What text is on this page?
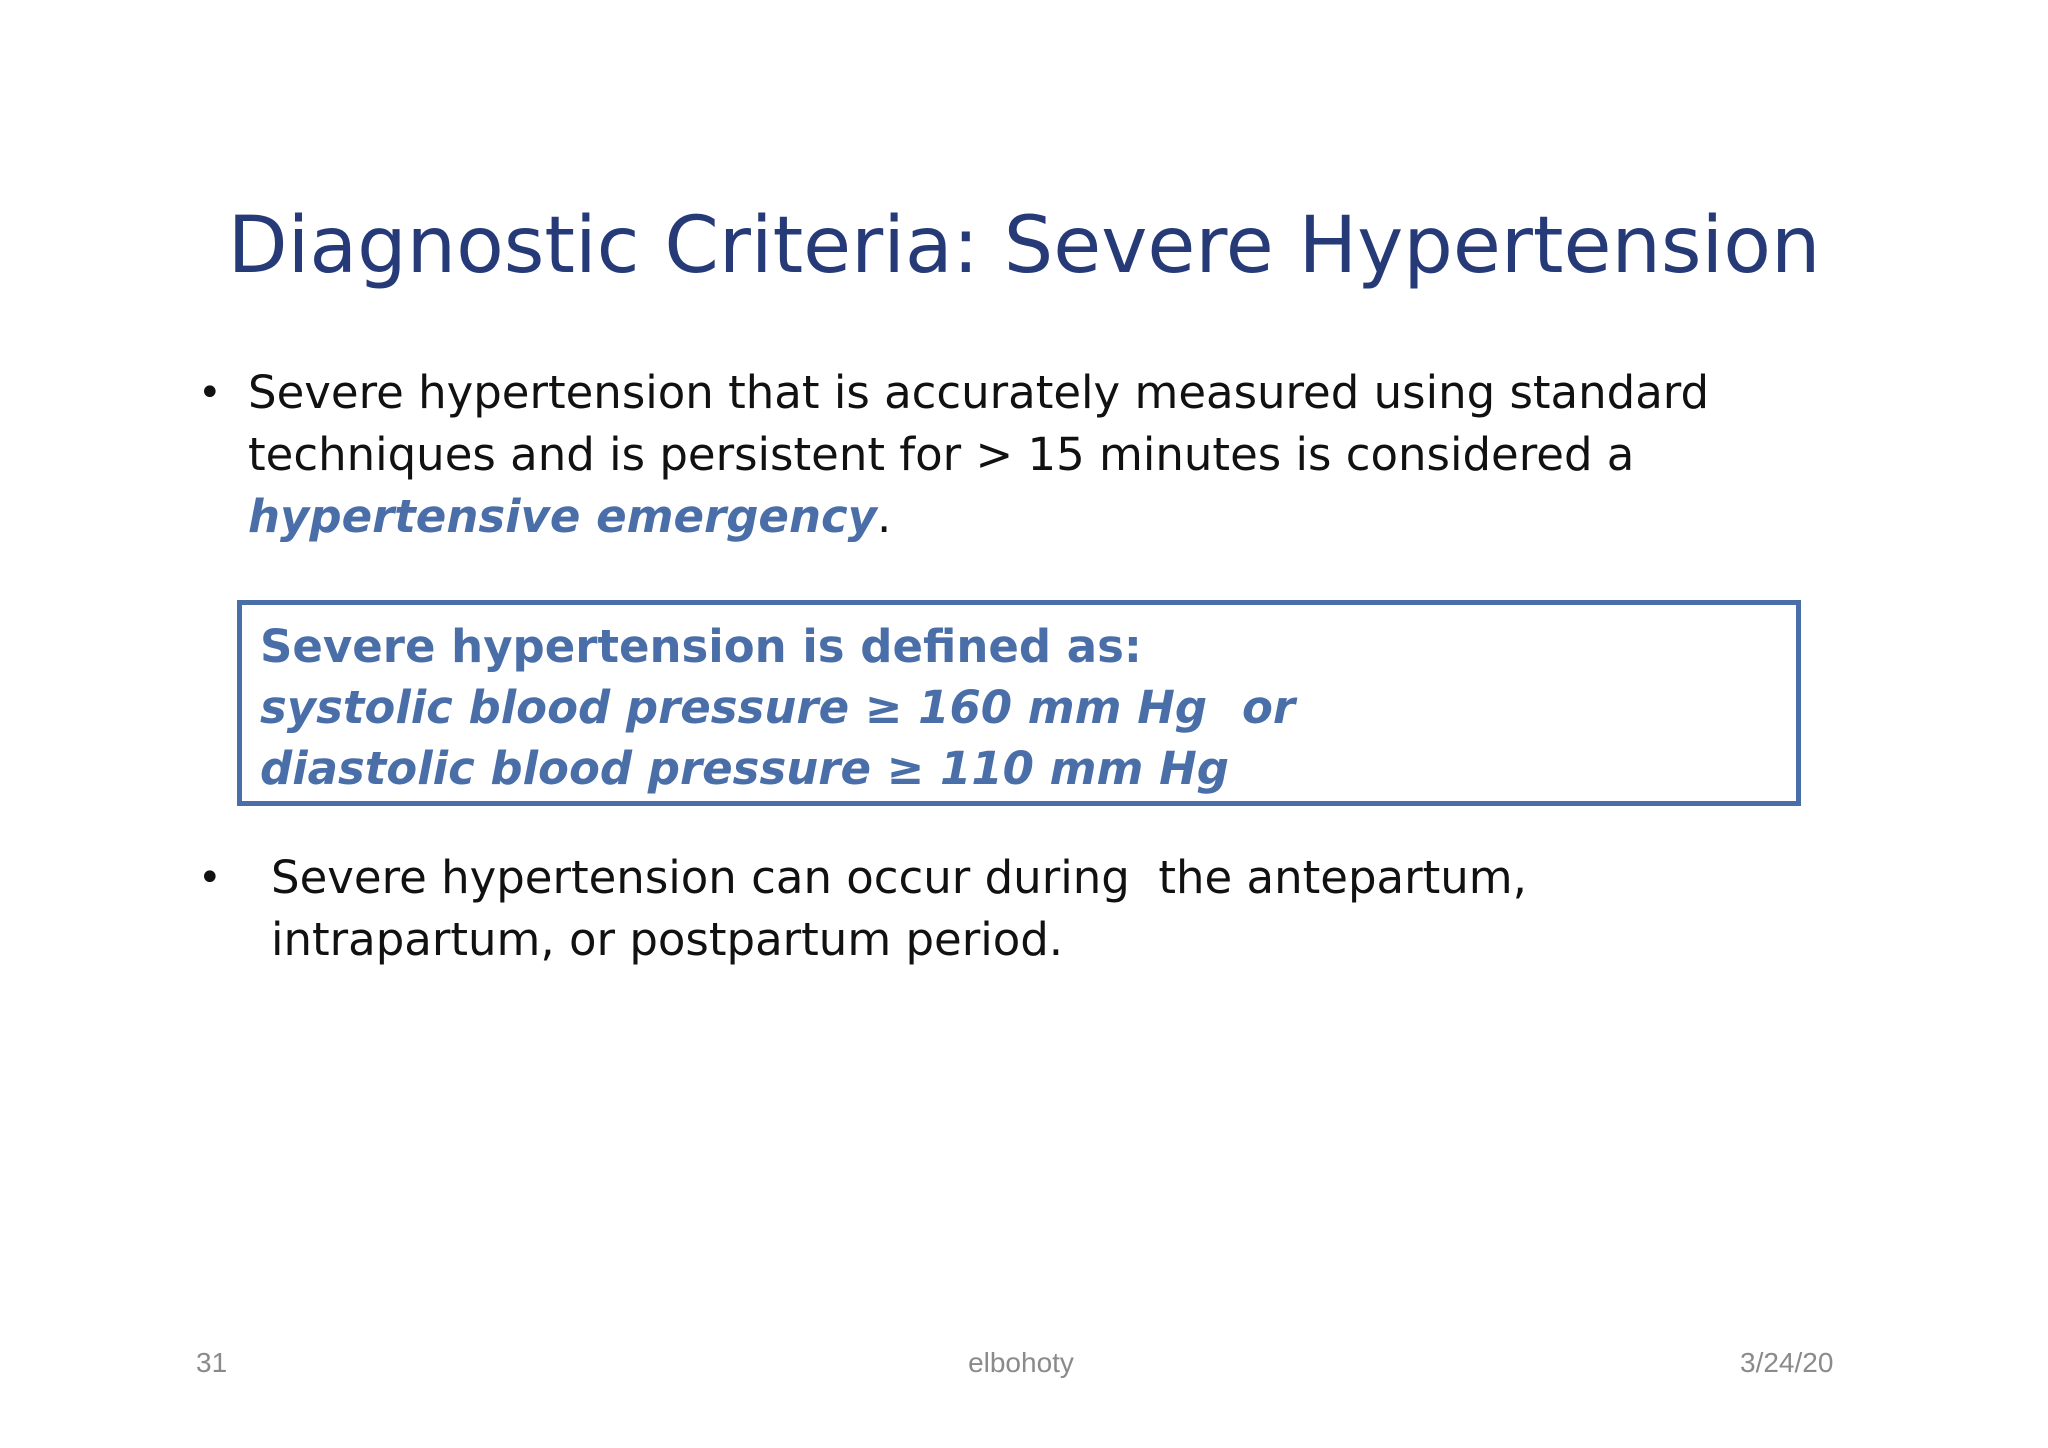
Diagnostic Criteria: Severe Hypertension
• Severe hypertension that is accurately measured using standard
techniques and is persistent for > 15 minutes is considered a
hypertensive emergency.
Severe hypertension is defined as:
systolic blood pressure ≥ 160 mm Hg or
diastolic blood pressure ≥ 110 mm Hg
• Severe hypertension can occur during  the antepartum,
intrapartum, or postpartum period.
31	elbohoty	3/24/20
